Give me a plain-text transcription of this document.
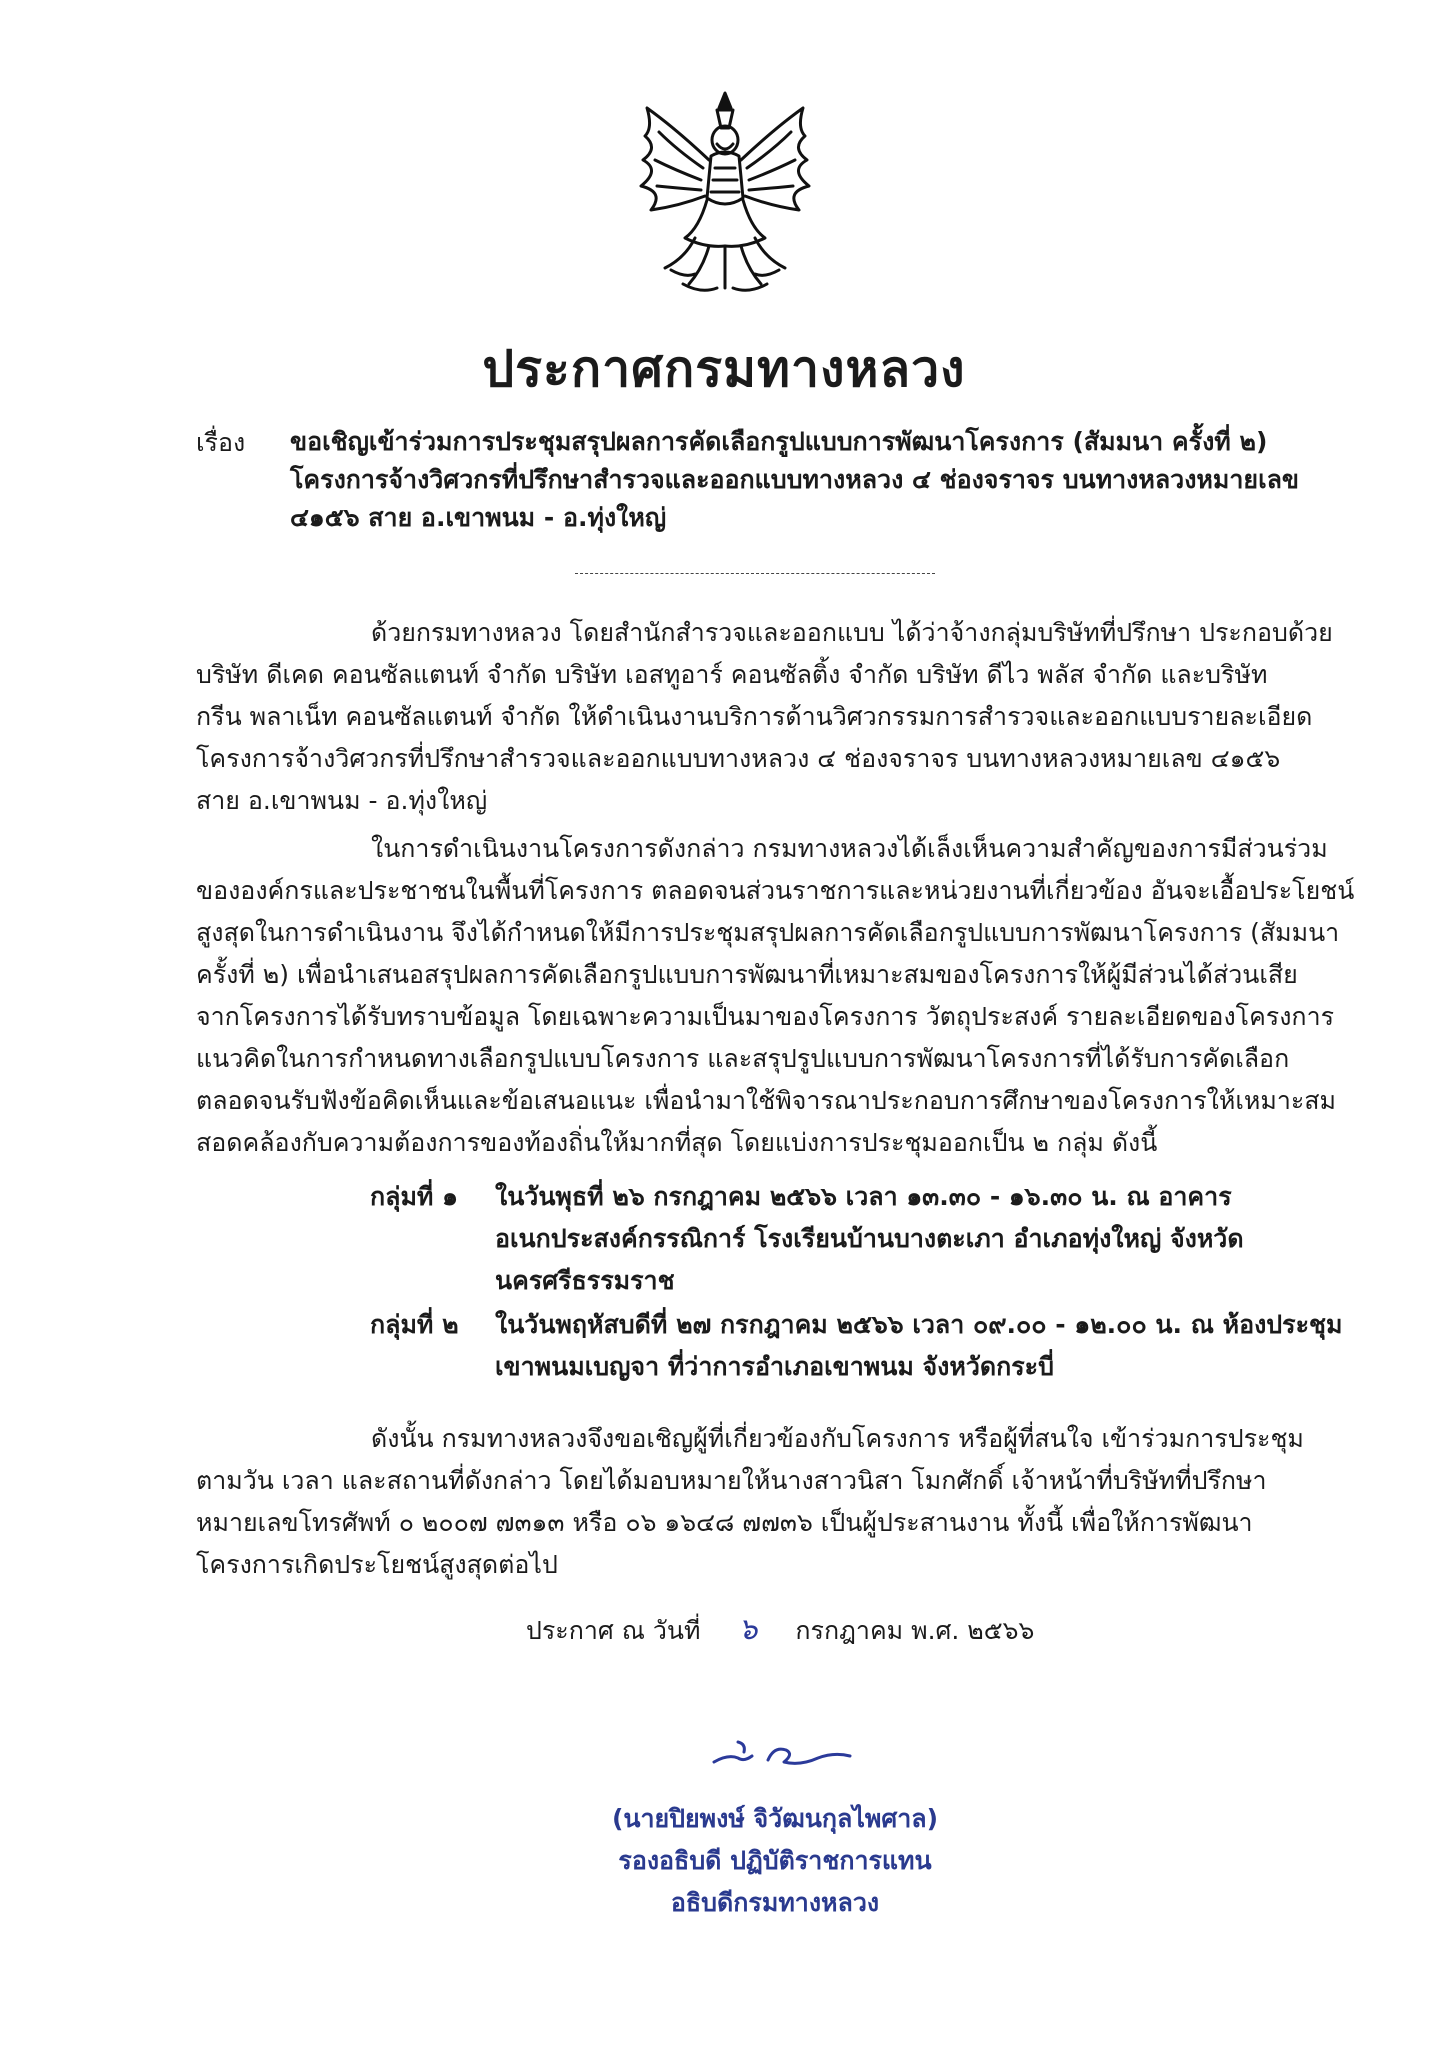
ประกาศกรมทางหลวง
เรื่อง ขอเชิญเข้าร่วมการประชุมสรุปผลการคัดเลือกรูปแบบการพัฒนาโครงการ (สัมมนา ครั้งที่ ๒)
โครงการจ้างวิศวกรที่ปรึกษาสำรวจและออกแบบทางหลวง ๔ ช่องจราจร บนทางหลวงหมายเลข
๔๑๕๖ สาย อ.เขาพนม - อ.ทุ่งใหญ่
ด้วยกรมทางหลวง โดยสำนักสำรวจและออกแบบ ได้ว่าจ้างกลุ่มบริษัทที่ปรึกษา ประกอบด้วย
บริษัท ดีเคด คอนซัลแตนท์ จำกัด บริษัท เอสทูอาร์ คอนซัลติ้ง จำกัด บริษัท ดีไว พลัส จำกัด และบริษัท
กรีน พลาเน็ท คอนซัลแตนท์ จำกัด ให้ดำเนินงานบริการด้านวิศวกรรมการสำรวจและออกแบบรายละเอียด
โครงการจ้างวิศวกรที่ปรึกษาสำรวจและออกแบบทางหลวง ๔ ช่องจราจร บนทางหลวงหมายเลข ๔๑๕๖
สาย อ.เขาพนม - อ.ทุ่งใหญ่
ในการดำเนินงานโครงการดังกล่าว กรมทางหลวงได้เล็งเห็นความสำคัญของการมีส่วนร่วม
ขององค์กรและประชาชนในพื้นที่โครงการ ตลอดจนส่วนราชการและหน่วยงานที่เกี่ยวข้อง อันจะเอื้อประโยชน์
สูงสุดในการดำเนินงาน จึงได้กำหนดให้มีการประชุมสรุปผลการคัดเลือกรูปแบบการพัฒนาโครงการ (สัมมนา
ครั้งที่ ๒) เพื่อนำเสนอสรุปผลการคัดเลือกรูปแบบการพัฒนาที่เหมาะสมของโครงการให้ผู้มีส่วนได้ส่วนเสีย
จากโครงการได้รับทราบข้อมูล โดยเฉพาะความเป็นมาของโครงการ วัตถุประสงค์ รายละเอียดของโครงการ
แนวคิดในการกำหนดทางเลือกรูปแบบโครงการ และสรุปรูปแบบการพัฒนาโครงการที่ได้รับการคัดเลือก
ตลอดจนรับฟังข้อคิดเห็นและข้อเสนอแนะ เพื่อนำมาใช้พิจารณาประกอบการศึกษาของโครงการให้เหมาะสม
สอดคล้องกับความต้องการของท้องถิ่นให้มากที่สุด โดยแบ่งการประชุมออกเป็น ๒ กลุ่ม ดังนี้
กลุ่มที่ ๑ ในวันพุธที่ ๒๖ กรกฎาคม ๒๕๖๖ เวลา ๑๓.๓๐ - ๑๖.๓๐ น. ณ อาคาร
อเนกประสงค์กรรณิการ์ โรงเรียนบ้านบางตะเภา อำเภอทุ่งใหญ่ จังหวัด
นครศรีธรรมราช
กลุ่มที่ ๒ ในวันพฤหัสบดีที่ ๒๗ กรกฎาคม ๒๕๖๖ เวลา ๐๙.๐๐ - ๑๒.๐๐ น. ณ ห้องประชุม
เขาพนมเบญจา ที่ว่าการอำเภอเขาพนม จังหวัดกระบี่
ดังนั้น กรมทางหลวงจึงขอเชิญผู้ที่เกี่ยวข้องกับโครงการ หรือผู้ที่สนใจ เข้าร่วมการประชุม
ตามวัน เวลา และสถานที่ดังกล่าว โดยได้มอบหมายให้นางสาวนิสา โมกศักดิ์ เจ้าหน้าที่บริษัทที่ปรึกษา
หมายเลขโทรศัพท์ ๐ ๒๐๐๗ ๗๓๑๓ หรือ ๐๖ ๑๖๔๘ ๗๗๓๖ เป็นผู้ประสานงาน ทั้งนี้ เพื่อให้การพัฒนา
โครงการเกิดประโยชน์สูงสุดต่อไป
ประกาศ ณ วันที่ ๖ กรกฎาคม พ.ศ. ๒๕๖๖
(นายปิยพงษ์ จิวัฒนกุลไพศาล)
รองอธิบดี ปฏิบัติราชการแทน
อธิบดีกรมทางหลวง
